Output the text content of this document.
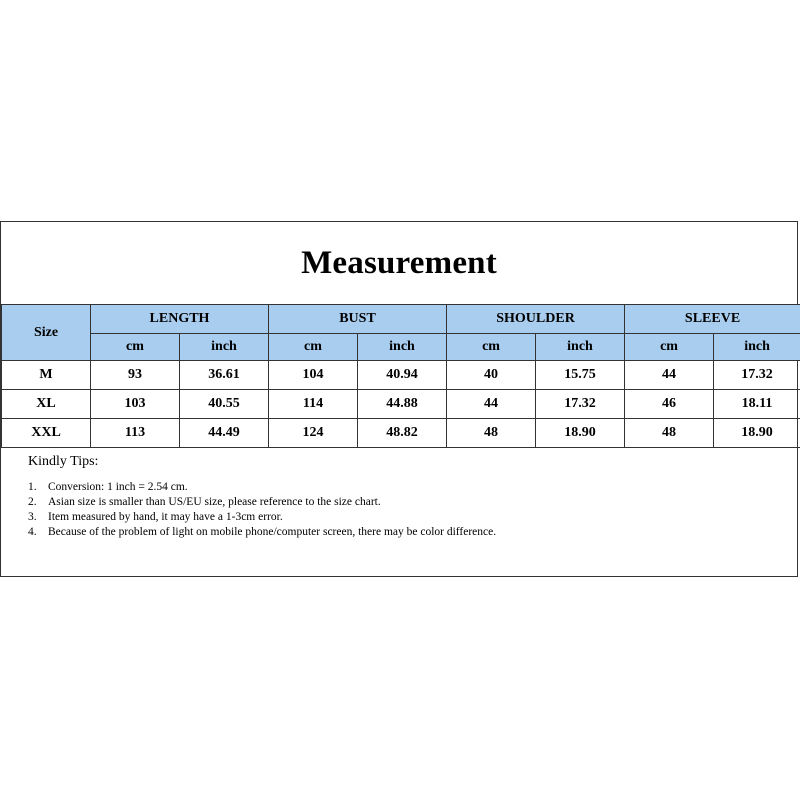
Measurement
Size	LENGTH		BUST		SHOULDER		SLEEVE	
	cm	inch	cm	inch	cm	inch	cm	inch
M	93	36.61	104	40.94	40	15.75	44	17.32
XL	103	40.55	114	44.88	44	17.32	46	18.11
XXL	113	44.49	124	48.82	48	18.90	48	18.90
Kindly Tips:
1. Conversion: 1 inch = 2.54 cm.
2. Asian size is smaller than US/EU size, please reference to the size chart.
3. Item measured by hand, it may have a 1-3cm error.
4. Because of the problem of light on mobile phone/computer screen, there may be color difference.
